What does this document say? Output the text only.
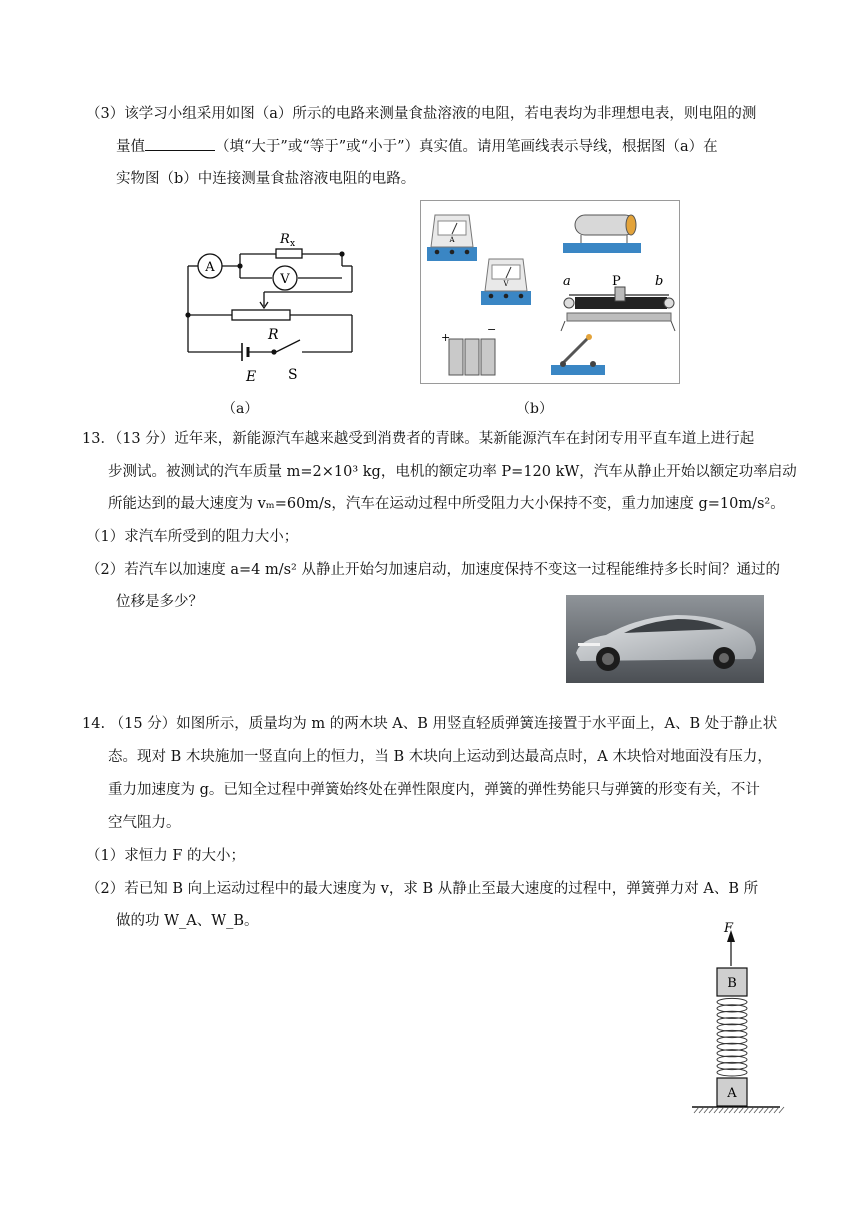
（3）该学习小组采用如图（a）所示的电路来测量食盐溶液的电阻，若电表均为非理想电表，则电阻的测
量值	（填“大于”或“等于”或“小于”）真实值。请用笔画线表示导线，根据图（a）在
实物图（b）中连接测量食盐溶液电阻的电路。
A
V
R x
R
E S
（a）
A
V
+
−
a	P	b
（b）
13．（13 分）近年来，新能源汽车越来越受到消费者的青睐。某新能源汽车在封闭专用平直车道上进行起
步测试。被测试的汽车质量 m=2×10³ kg，电机的额定功率 P=120 kW，汽车从静止开始以额定功率启动
所能达到的最大速度为 vₘ=60m/s，汽车在运动过程中所受阻力大小保持不变，重力加速度 g=10m/s²。
（1）求汽车所受到的阻力大小；
（2）若汽车以加速度 a=4 m/s² 从静止开始匀加速启动，加速度保持不变这一过程能维持多长时间？通过的
位移是多少？
14. （15 分）如图所示，质量均为 m 的两木块 A、B 用竖直轻质弹簧连接置于水平面上，A、B 处于静止状
态。现对 B 木块施加一竖直向上的恒力，当 B 木块向上运动到达最高点时，A 木块恰对地面没有压力，
重力加速度为 g。已知全过程中弹簧始终处在弹性限度内，弹簧的弹性势能只与弹簧的形变有关，不计
空气阻力。
（1）求恒力 F 的大小；
（2）若已知 B 向上运动过程中的最大速度为 v，求 B 从静止至最大速度的过程中，弹簧弹力对 A、B 所
做的功 W_A、W_B。	F
B
A
